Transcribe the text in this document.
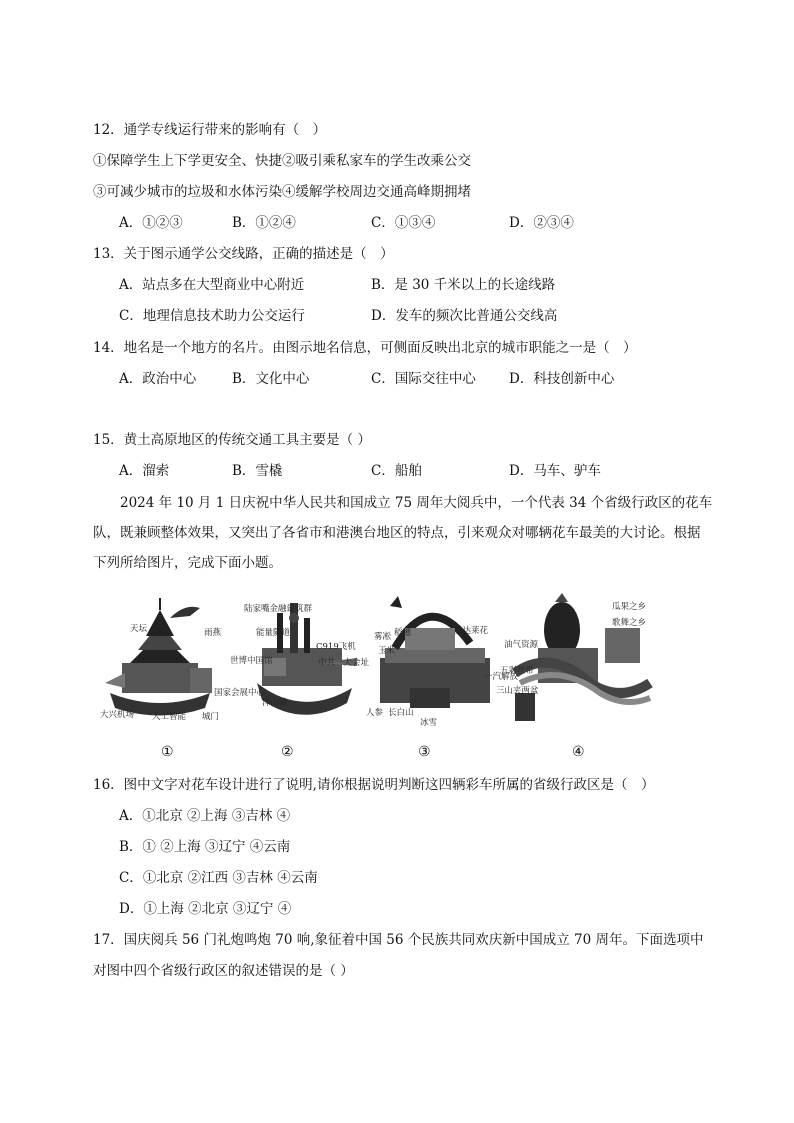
12．通学专线运行带来的影响有（　）
①保障学生上下学更安全、快捷②吸引乘私家车的学生改乘公交
③可减少城市的垃圾和水体污染④缓解学校周边交通高峰期拥堵
A．①②③	B．①②④	C．①③④	D．②③④
13．关于图示通学公交线路，正确的描述是（　）
A．站点多在大型商业中心附近	B．是 30 千米以上的长途线路
C．地理信息技术助力公交运行	D．发车的频次比普通公交线高
14．地名是一个地方的名片。由图示地名信息，可侧面反映出北京的城市职能之一是（　）
A．政治中心	B．文化中心	C．国际交往中心 D．科技创新中心
15．黄土高原地区的传统交通工具主要是（ ）
A．溜索	B．雪橇	C．船舶	D．马车、驴车
2024 年 10 月 1 日庆祝中华人民共和国成立 75 周年大阅兵中，一个代表 34 个省级行政区的花车队，既兼顾整体效果，又突出了各省市和港澳台地区的特点，引来观众对哪辆花车最美的大讨论。根据下列所给图片，完成下面小题。
天坛	雨燕
大兴机场 人工智能 城门
陆家嘴金融建筑群
能量隧道
C919飞机
世博中国馆	中共一大会址
国家会展中心
洋山港
雾凇 稻穗	金达莱花
玉米
一汽解放
人参 长白山
冰雪
瓜果之乡
歌舞之乡
油气资源
五彩丝带
三山夹两盆
①	②	③	④
16．图中文字对花车设计进行了说明,请你根据说明判断这四辆彩车所属的省级行政区是（　）
A．①北京 ②上海 ③吉林 ④
B．① ②上海 ③辽宁 ④云南
C．①北京 ②江西 ③吉林 ④云南
D．①上海 ②北京 ③辽宁 ④
17．国庆阅兵 56 门礼炮鸣炮 70 响,象征着中国 56 个民族共同欢庆新中国成立 70 周年。下面选项中
对图中四个省级行政区的叙述错误的是（ ）
